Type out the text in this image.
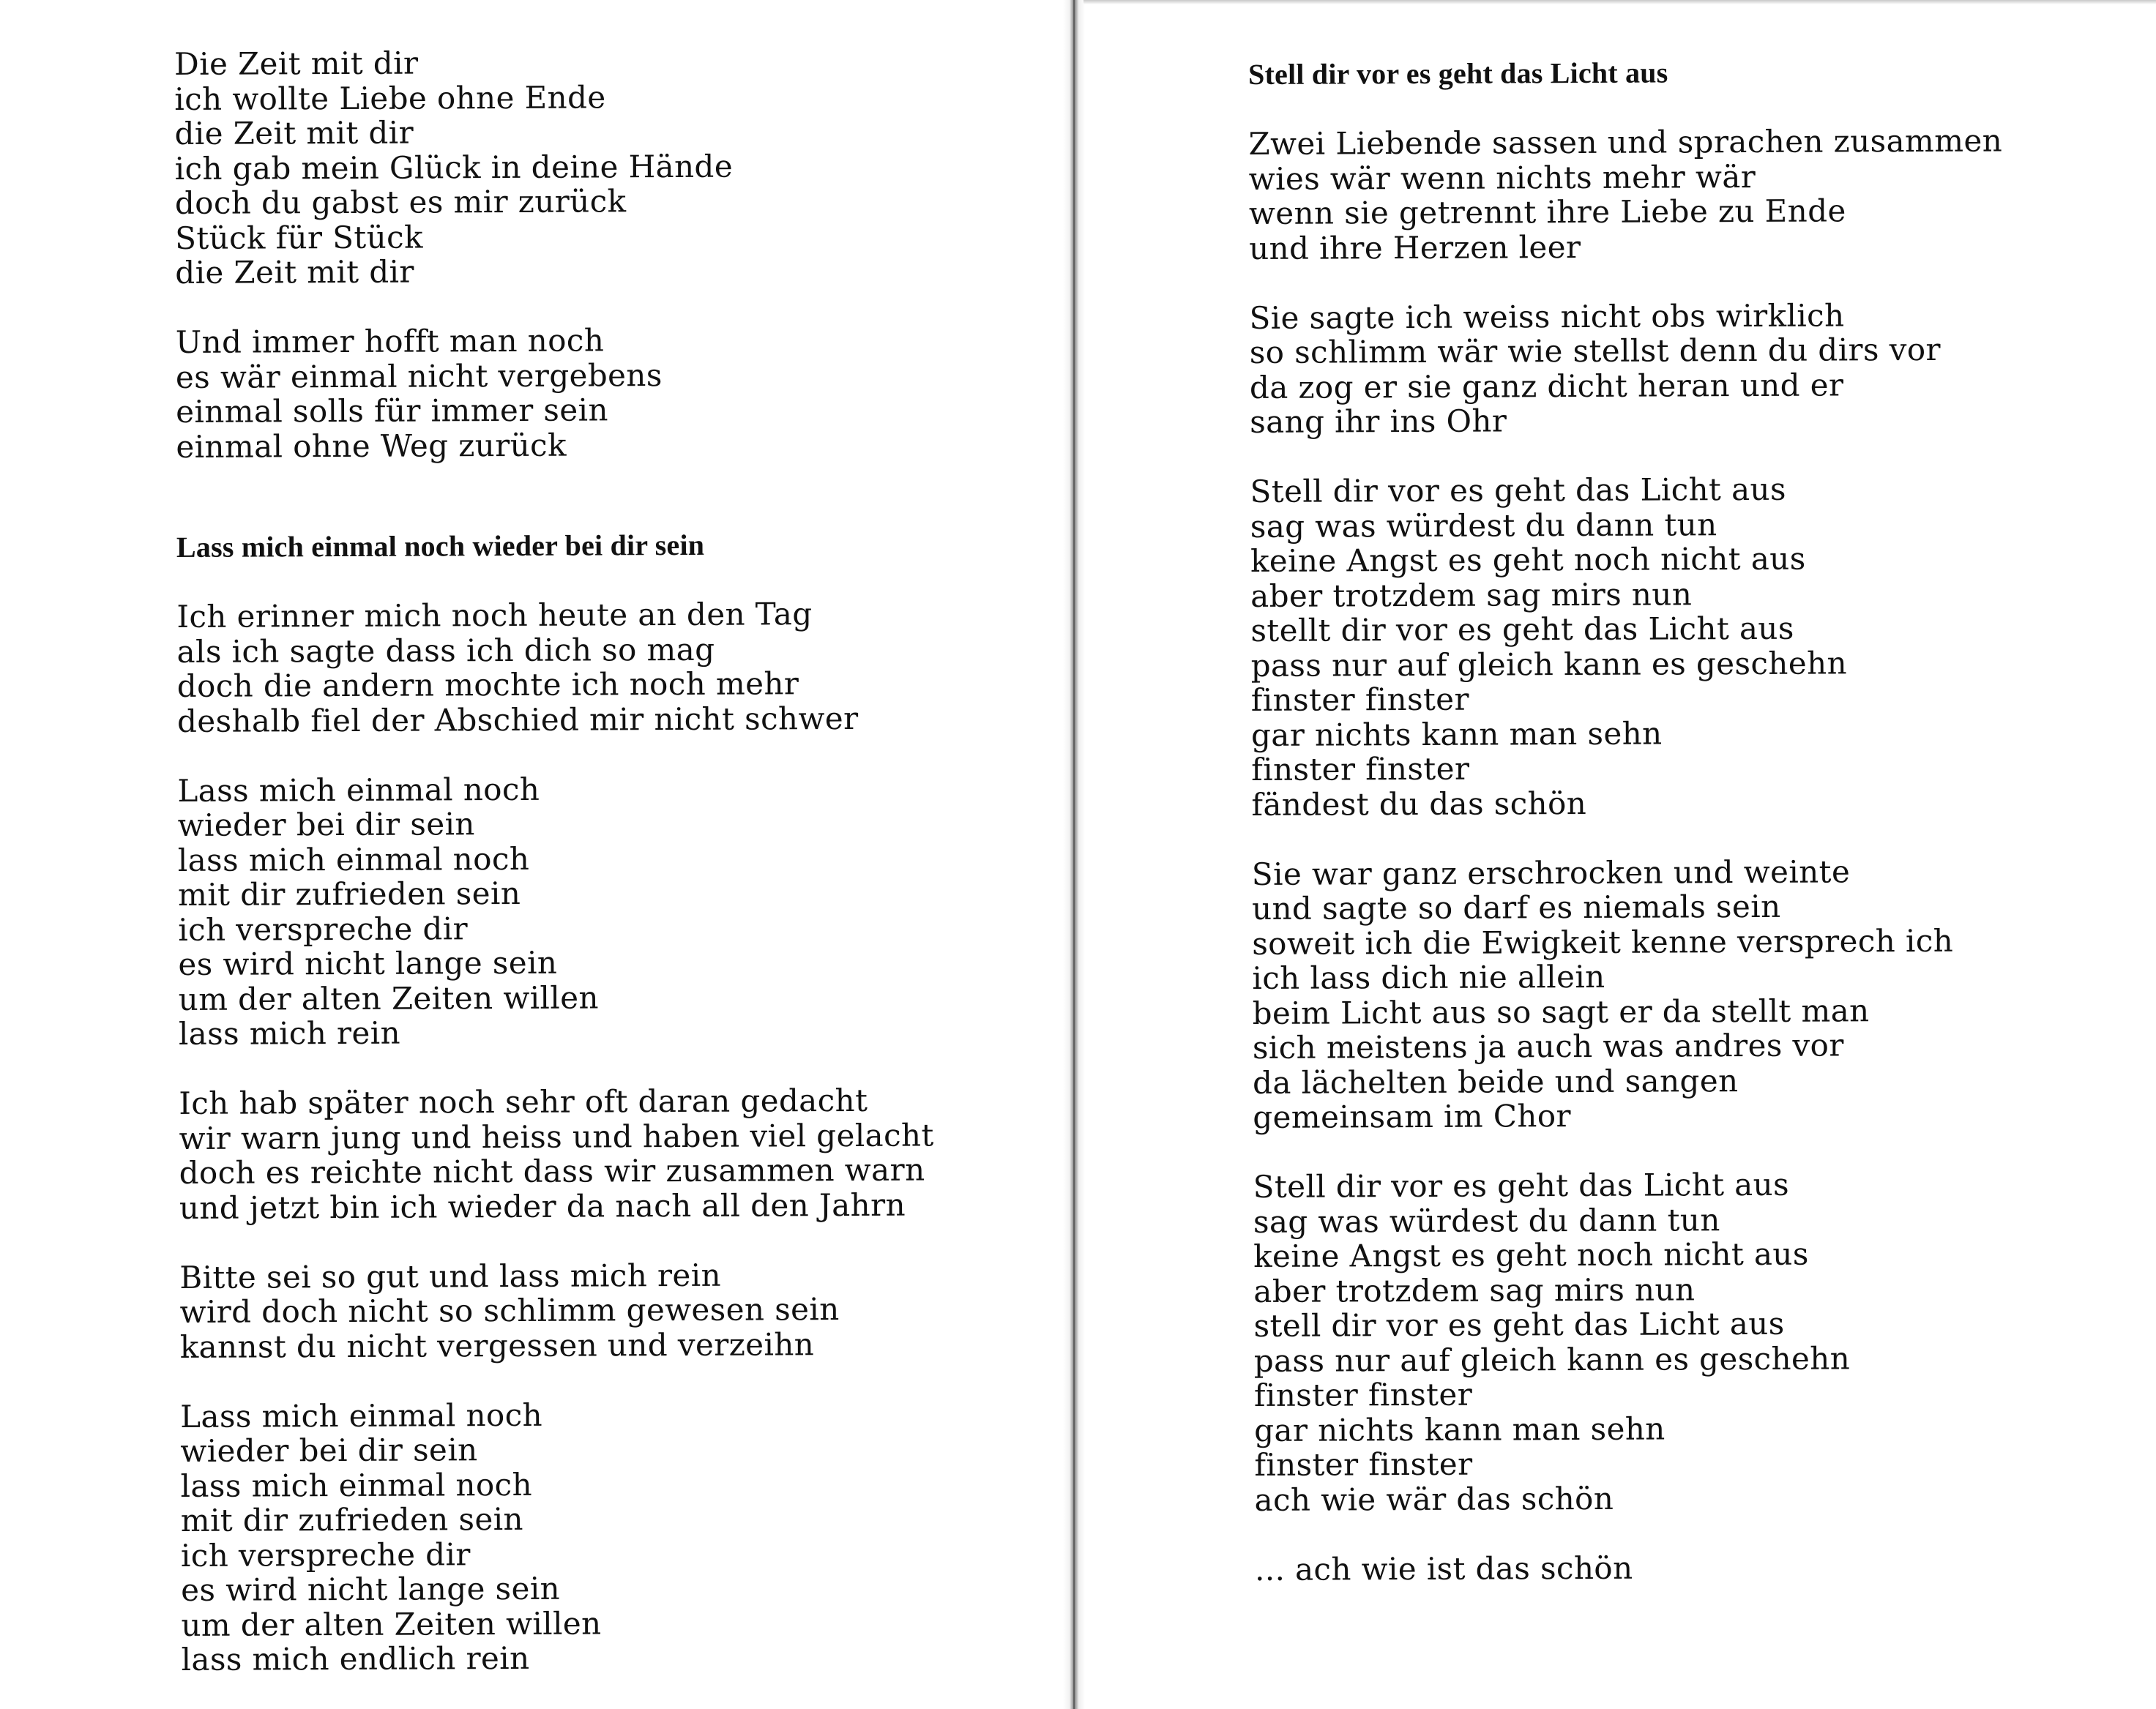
Die Zeit mit dir
ich wollte Liebe ohne Ende
die Zeit mit dir
ich gab mein Glück in deine Hände
doch du gabst es mir zurück
Stück für Stück
die Zeit mit dir
Und immer hofft man noch
es wär einmal nicht vergebens
einmal solls für immer sein
einmal ohne Weg zurück
Lass mich einmal noch wieder bei dir sein
Ich erinner mich noch heute an den Tag
als ich sagte dass ich dich so mag
doch die andern mochte ich noch mehr
deshalb fiel der Abschied mir nicht schwer
Lass mich einmal noch
wieder bei dir sein
lass mich einmal noch
mit dir zufrieden sein
ich verspreche dir
es wird nicht lange sein
um der alten Zeiten willen
lass mich rein
Ich hab später noch sehr oft daran gedacht
wir warn jung und heiss und haben viel gelacht
doch es reichte nicht dass wir zusammen warn
und jetzt bin ich wieder da nach all den Jahrn
Bitte sei so gut und lass mich rein
wird doch nicht so schlimm gewesen sein
kannst du nicht vergessen und verzeihn
Lass mich einmal noch
wieder bei dir sein
lass mich einmal noch
mit dir zufrieden sein
ich verspreche dir
es wird nicht lange sein
um der alten Zeiten willen
lass mich endlich rein
Stell dir vor es geht das Licht aus
Zwei Liebende sassen und sprachen zusammen
wies wär wenn nichts mehr wär
wenn sie getrennt ihre Liebe zu Ende
und ihre Herzen leer
Sie sagte ich weiss nicht obs wirklich
so schlimm wär wie stellst denn du dirs vor
da zog er sie ganz dicht heran und er
sang ihr ins Ohr
Stell dir vor es geht das Licht aus
sag was würdest du dann tun
keine Angst es geht noch nicht aus
aber trotzdem sag mirs nun
stellt dir vor es geht das Licht aus
pass nur auf gleich kann es geschehn
finster finster
gar nichts kann man sehn
finster finster
fändest du das schön
Sie war ganz erschrocken und weinte
und sagte so darf es niemals sein
soweit ich die Ewigkeit kenne versprech ich
ich lass dich nie allein
beim Licht aus so sagt er da stellt man
sich meistens ja auch was andres vor
da lächelten beide und sangen
gemeinsam im Chor
Stell dir vor es geht das Licht aus
sag was würdest du dann tun
keine Angst es geht noch nicht aus
aber trotzdem sag mirs nun
stell dir vor es geht das Licht aus
pass nur auf gleich kann es geschehn
finster finster
gar nichts kann man sehn
finster finster
ach wie wär das schön
... ach wie ist das schön
